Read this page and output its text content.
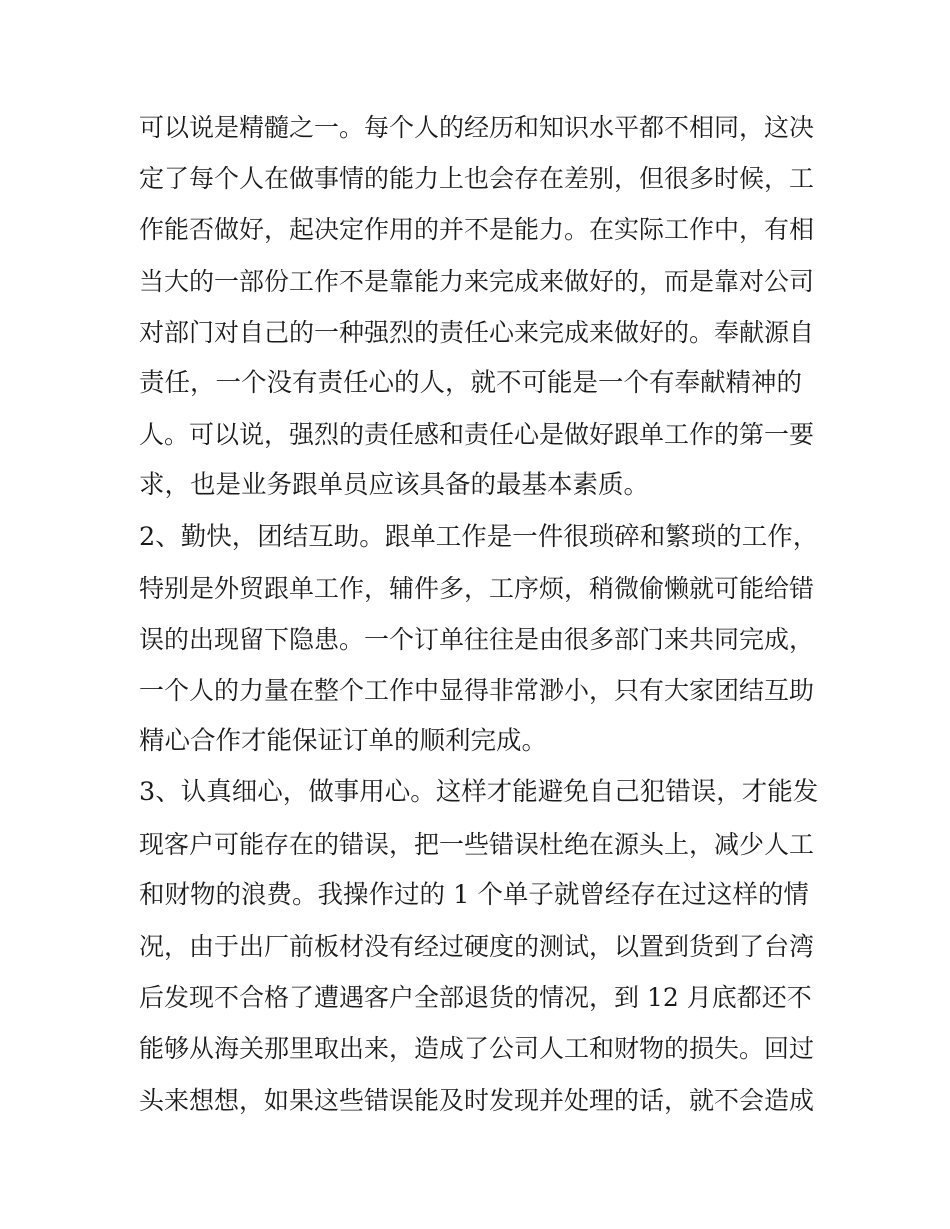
可以说是精髓之一。每个人的经历和知识水平都不相同，这决
定了每个人在做事情的能力上也会存在差别，但很多时候，工
作能否做好，起决定作用的并不是能力。在实际工作中，有相
当大的一部份工作不是靠能力来完成来做好的，而是靠对公司
对部门对自己的一种强烈的责任心来完成来做好的。奉献源自
责任，一个没有责任心的人，就不可能是一个有奉献精神的
人。可以说，强烈的责任感和责任心是做好跟单工作的第一要
求，也是业务跟单员应该具备的最基本素质。
2、勤快，团结互助。跟单工作是一件很琐碎和繁琐的工作，
特别是外贸跟单工作，辅件多，工序烦，稍微偷懒就可能给错
误的出现留下隐患。一个订单往往是由很多部门来共同完成，
一个人的力量在整个工作中显得非常渺小，只有大家团结互助
精心合作才能保证订单的顺利完成。
3、认真细心，做事用心。这样才能避免自己犯错误，才能发
现客户可能存在的错误，把一些错误杜绝在源头上，减少人工
和财物的浪费。我操作过的 1 个单子就曾经存在过这样的情
况，由于出厂前板材没有经过硬度的测试，以置到货到了台湾
后发现不合格了遭遇客户全部退货的情况，到 12 月底都还不
能够从海关那里取出来，造成了公司人工和财物的损失。回过
头来想想，如果这些错误能及时发现并处理的话，就不会造成
